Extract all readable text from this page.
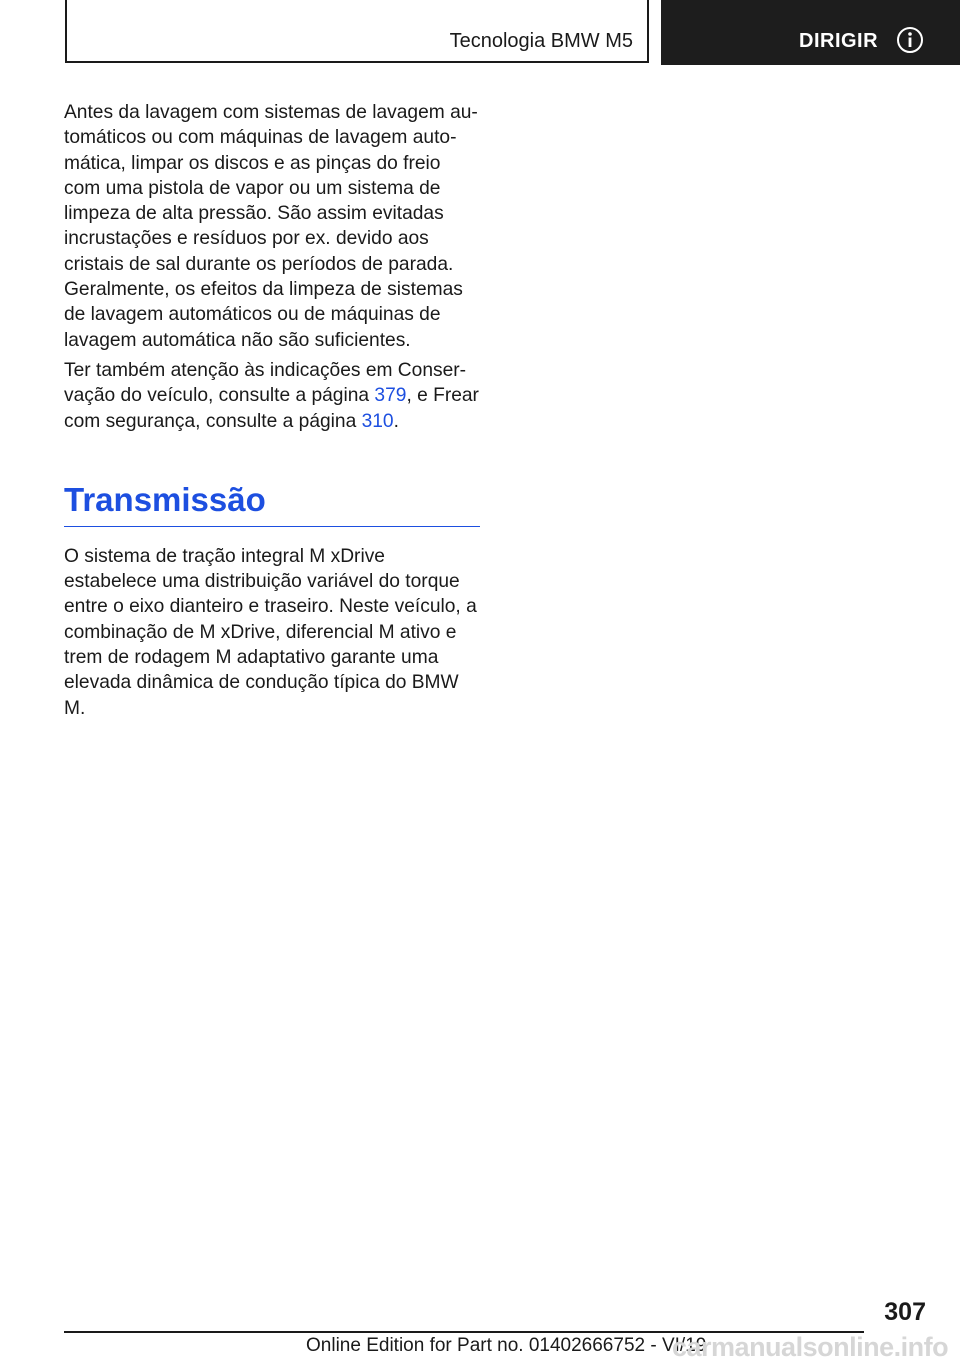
Tecnologia BMW M5	DIRIGIR

Antes da lavagem com sistemas de lavagem automáticos ou com máquinas de lavagem automática, limpar os discos e as pinças do freio com uma pistola de vapor ou um sistema de limpeza de alta pressão. São assim evitadas incrustações e resíduos por ex. devido aos cristais de sal durante os períodos de parada. Geralmente, os efeitos da limpeza de sistemas de lavagem automáticos ou de máquinas de lavagem automática não são suficientes.

Ter também atenção às indicações em Conservação do veículo, consulte a página 379, e Frear com segurança, consulte a página 310.

Transmissão

O sistema de tração integral M xDrive estabelece uma distribuição variável do torque entre o eixo dianteiro e traseiro. Neste veículo, a combinação de M xDrive, diferencial M ativo e trem de rodagem M adaptativo garante uma elevada dinâmica de condução típica do BMW M.

307
Online Edition for Part no. 01402666752 - VI/19
carmanualsonline.info
